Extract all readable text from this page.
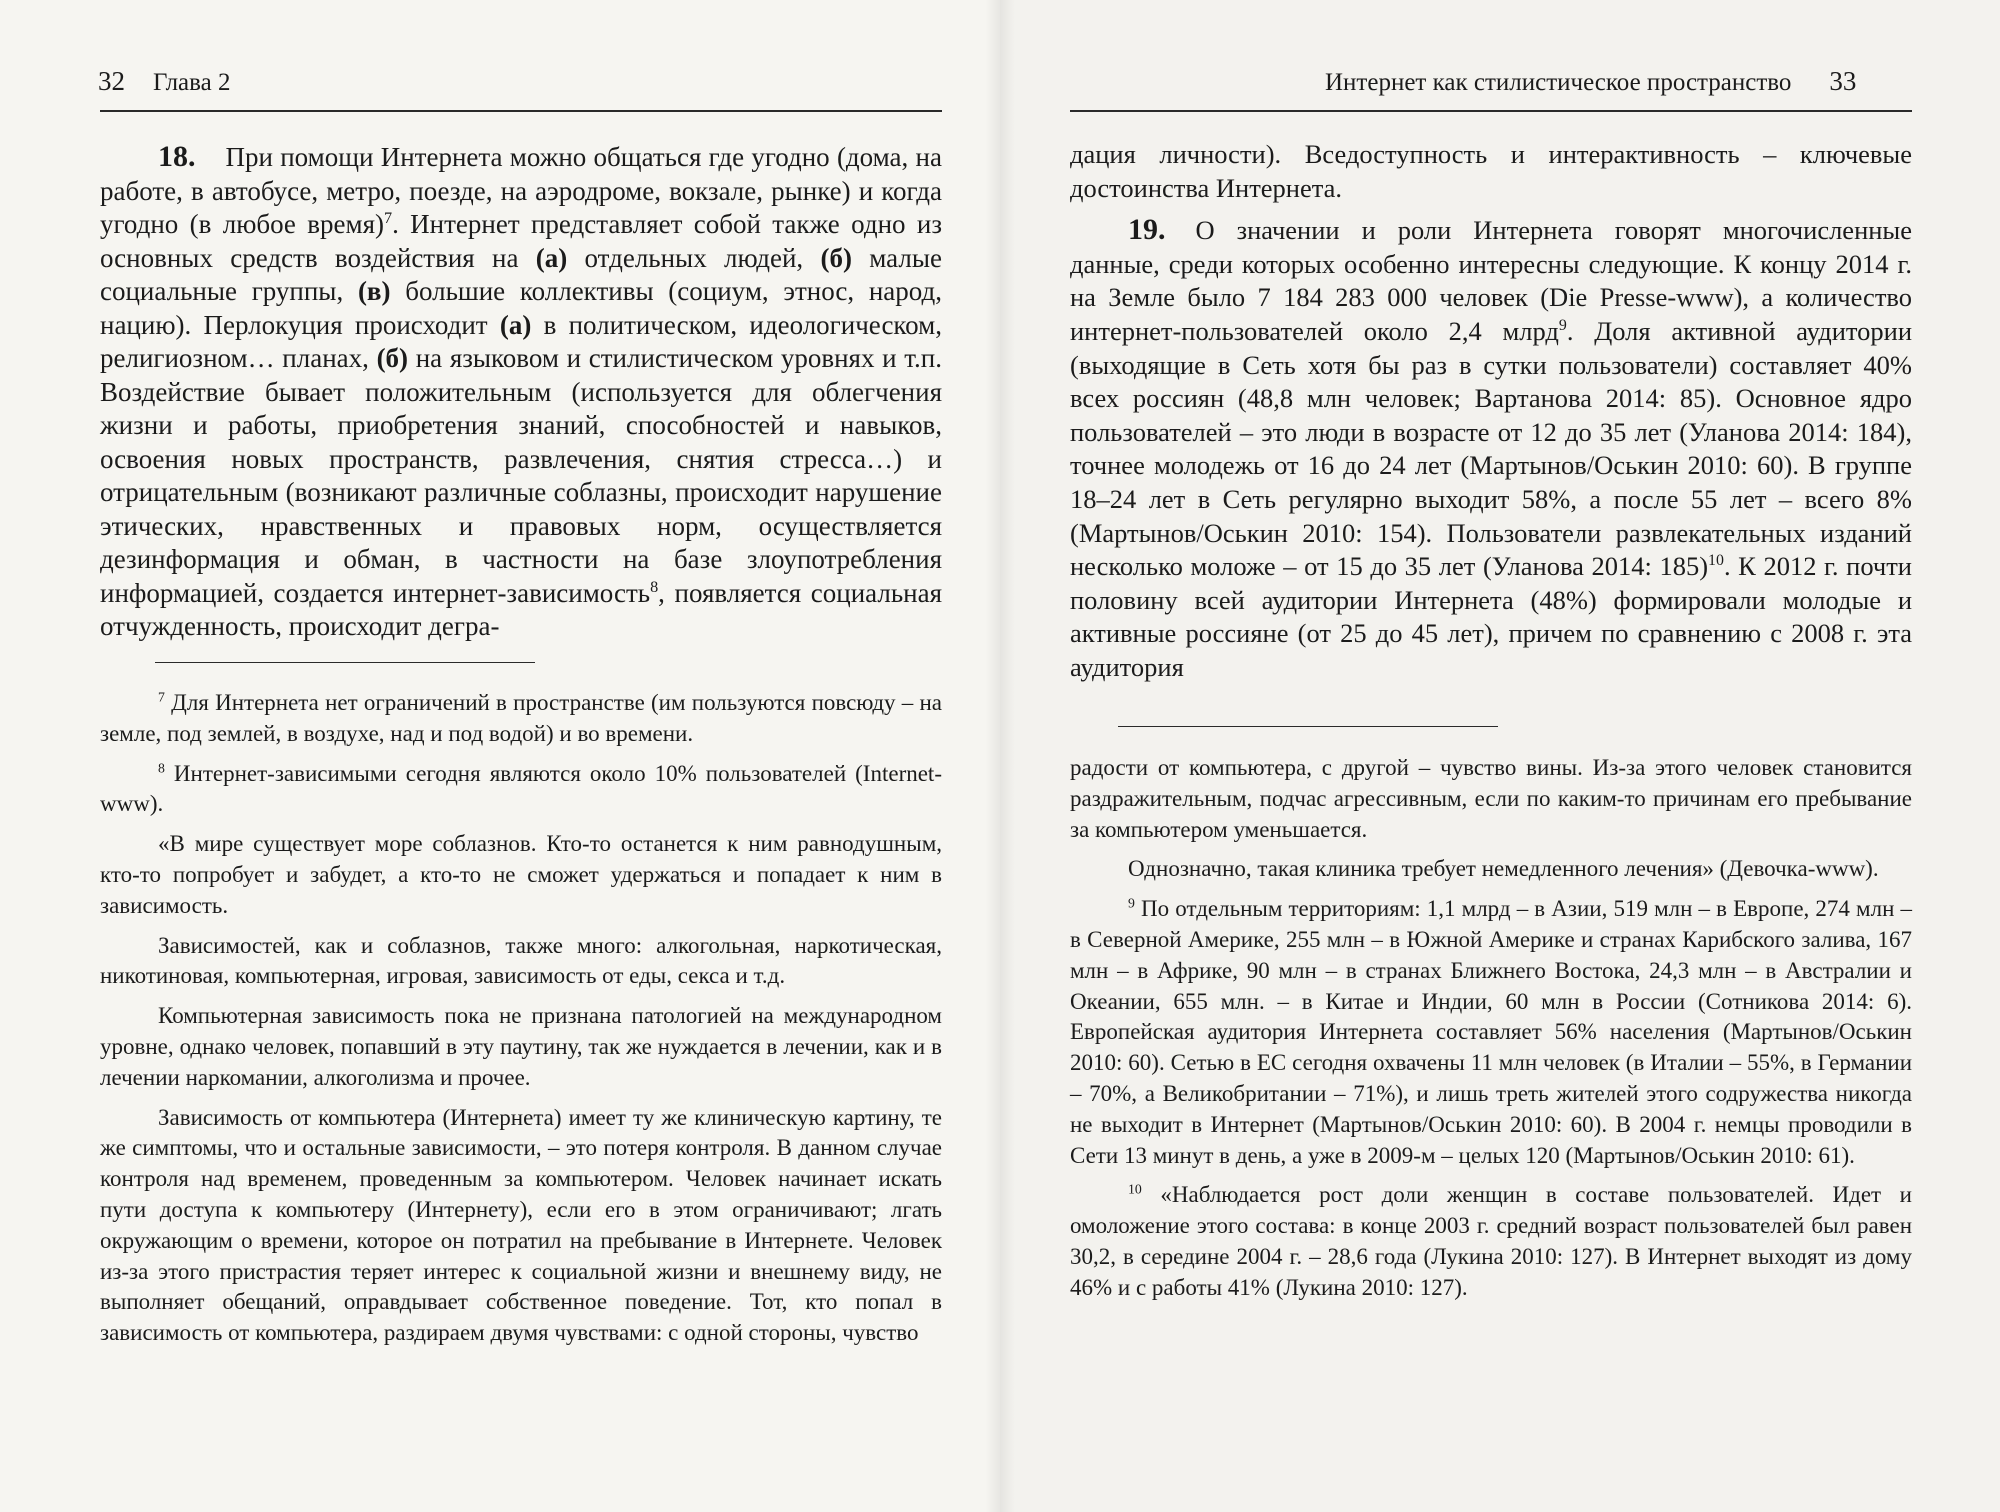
32 Глава 2	Интернет как стилистическое пространство 33

18. При помощи Интернета можно общаться где угодно (дома, на работе, в автобусе, метро, поезде, на аэродроме, вокзале, рынке) и когда угодно (в любое время)$^7$. Интернет представляет собой также одно из основных средств воздействия на (а) отдельных людей, (б) малые социальные группы, (в) большие коллективы (социум, этнос, народ, нацию). Перлокуция происходит (а) в политическом, идеологическом, религиозном… планах, (б) на языковом и стилистическом уровнях и т.п. Воздействие бывает положительным (используется для облегчения жизни и работы, приобретения знаний, способностей и навыков, освоения новых пространств, развлечения, снятия стресса…) и отрицательным (возникают различные соблазны, происходит нарушение этических, нравственных и правовых норм, осуществляется дезинформация и обман, в частности на базе злоупотребления информацией, создается интернет-зависимость$^8$, появляется социальная отчужденность, происходит дегра-

$^7$ Для Интернета нет ограничений в пространстве (им пользуются повсюду – на земле, под землей, в воздухе, над и под водой) и во времени.

$^8$ Интернет-зависимыми сегодня являются около 10% пользователей (Internet-www).

«В мире существует море соблазнов. Кто-то останется к ним равнодушным, кто-то попробует и забудет, а кто-то не сможет удержаться и попадает к ним в зависимость.

Зависимостей, как и соблазнов, также много: алкогольная, наркотическая, никотиновая, компьютерная, игровая, зависимость от еды, секса и т.д.

Компьютерная зависимость пока не признана патологией на международном уровне, однако человек, попавший в эту паутину, так же нуждается в лечении, как и в лечении наркомании, алкоголизма и прочее.

Зависимость от компьютера (Интернета) имеет ту же клиническую картину, те же симптомы, что и остальные зависимости, – это потеря контроля. В данном случае контроля над временем, проведенным за компьютером. Человек начинает искать пути доступа к компьютеру (Интернету), если его в этом ограничивают; лгать окружающим о времени, которое он потратил на пребывание в Интернете. Человек из-за этого пристрастия теряет интерес к социальной жизни и внешнему виду, не выполняет обещаний, оправдывает собственное поведение. Тот, кто попал в зависимость от компьютера, раздираем двумя чувствами: с одной стороны, чувство

дация личности). Вседоступность и интерактивность – ключевые достоинства Интернета.

19. О значении и роли Интернета говорят многочисленные данные, среди которых особенно интересны следующие. К концу 2014 г. на Земле было 7 184 283 000 человек (Die Presse-www), а количество интернет-пользователей около 2,4 млрд$^9$. Доля активной аудитории (выходящие в Сеть хотя бы раз в сутки пользователи) составляет 40% всех россиян (48,8 млн человек; Вартанова 2014: 85). Основное ядро пользователей – это люди в возрасте от 12 до 35 лет (Уланова 2014: 184), точнее молодежь от 16 до 24 лет (Мартынов/Оськин 2010: 60). В группе 18–24 лет в Сеть регулярно выходит 58%, а после 55 лет – всего 8% (Мартынов/Оськин 2010: 154). Пользователи развлекательных изданий несколько моложе – от 15 до 35 лет (Уланова 2014: 185)$^{10}$. К 2012 г. почти половину всей аудитории Интернета (48%) формировали молодые и активные россияне (от 25 до 45 лет), причем по сравнению с 2008 г. эта аудитория

радости от компьютера, с другой – чувство вины. Из-за этого человек становится раздражительным, подчас агрессивным, если по каким-то причинам его пребывание за компьютером уменьшается.

Однозначно, такая клиника требует немедленного лечения» (Девочка-www).

$^9$ По отдельным территориям: 1,1 млрд – в Азии, 519 млн – в Европе, 274 млн – в Северной Америке, 255 млн – в Южной Америке и странах Карибского залива, 167 млн – в Африке, 90 млн – в странах Ближнего Востока, 24,3 млн – в Австралии и Океании, 655 млн. – в Китае и Индии, 60 млн в России (Сотникова 2014: 6). Европейская аудитория Интернета составляет 56% населения (Мартынов/Оськин 2010: 60). Сетью в ЕС сегодня охвачены 11 млн человек (в Италии – 55%, в Германии – 70%, а Великобритании – 71%), и лишь треть жителей этого содружества никогда не выходит в Интернет (Мартынов/Оськин 2010: 60). В 2004 г. немцы проводили в Сети 13 минут в день, а уже в 2009-м – целых 120 (Мартынов/Оськин 2010: 61).

$^{10}$ «Наблюдается рост доли женщин в составе пользователей. Идет и омоложение этого состава: в конце 2003 г. средний возраст пользователей был равен 30,2, в середине 2004 г. – 28,6 года (Лукина 2010: 127). В Интернет выходят из дому 46% и с работы 41% (Лукина 2010: 127).
